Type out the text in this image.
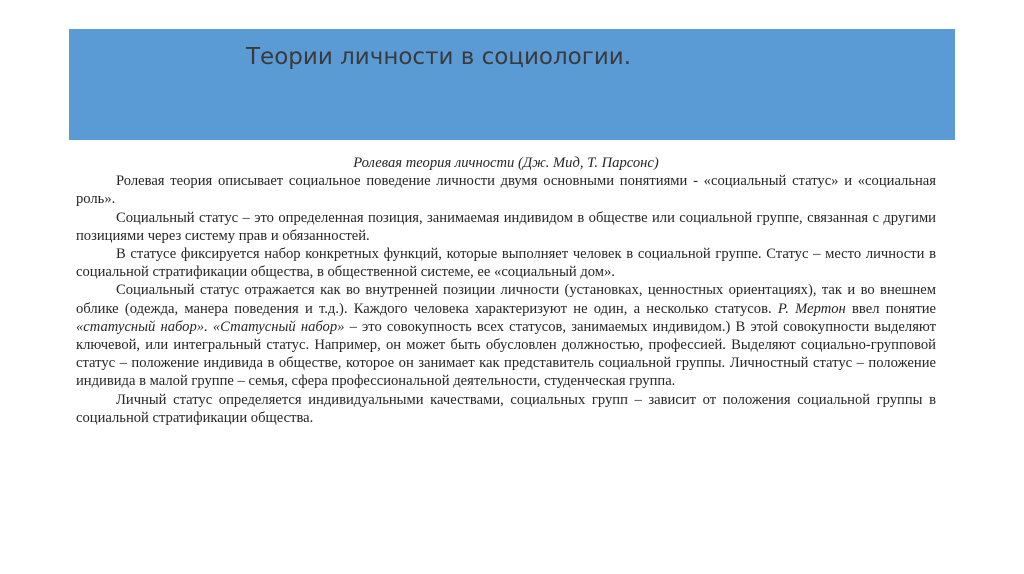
Теории личности в социологии.

Ролевая теория личности (Дж. Мид, Т. Парсонс)

Ролевая теория описывает социальное поведение личности двумя основными понятиями - «социальный статус» и «социальная роль».

Социальный статус – это определенная позиция, занимаемая индивидом в обществе или социальной группе, связанная с другими позициями через систему прав и обязанностей.

В статусе фиксируется набор конкретных функций, которые выполняет человек в социальной группе. Статус – место личности в социальной стратификации общества, в общественной системе, ее «социальный дом».

Социальный статус отражается как во внутренней позиции личности (установках, ценностных ориентациях), так и во внешнем облике (одежда, манера поведения и т.д.). Каждого человека характеризуют не один, а несколько статусов. Р. Мертон ввел понятие «статусный набор». «Статусный набор» – это совокупность всех статусов, занимаемых индивидом.) В этой совокупности выделяют ключевой, или интегральный статус. Например, он может быть обусловлен должностью, профессией. Выделяют социально-групповой статус – положение индивида в обществе, которое он занимает как представитель социальной группы. Личностный статус – положение индивида в малой группе – семья, сфера профессиональной деятельности, студенческая группа.

Личный статус определяется индивидуальными качествами, социальных групп – зависит от положения социальной группы в социальной стратификации общества.
